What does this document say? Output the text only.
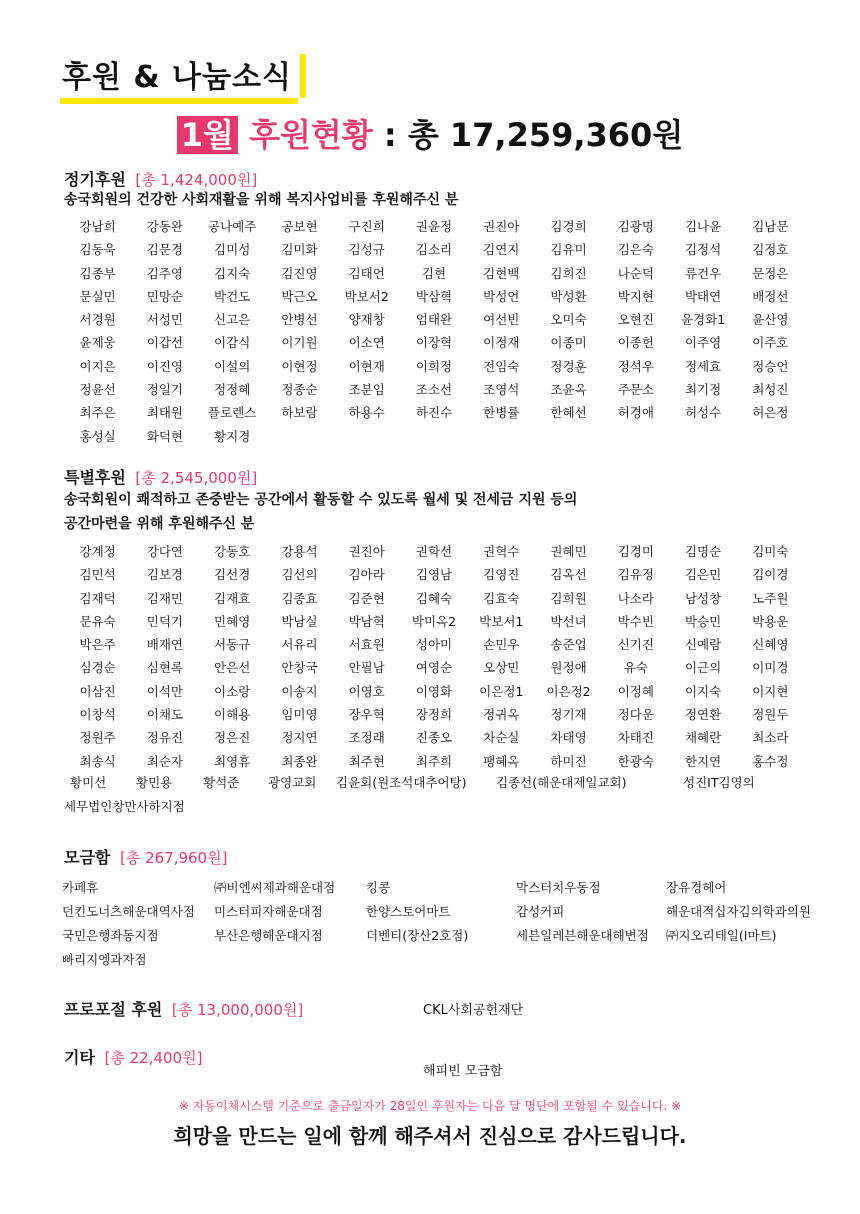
후원 & 나눔소식
1월 후원현황 : 총 17,259,360원
정기후원 [총 1,424,000원]
송국회원의 건강한 사회재활을 위해 복지사업비를 후원해주신 분
강남희	강동완	공나예주	공보현	구진희	권윤정	권진아	김경희	김광명	김나윤	김남문
김동욱	김문경	김미성	김미화	김성규	김소리	김연지	김유미	김은숙	김정석	김정호
김종부	김주영	김지숙	김진영	김태언	김현	김현백	김희진	나순덕	류건우	문정은
문실민	민망순	박건도	박근오	박보서2	박삼혁	박성언	박성환	박지현	박태연	배정선
서경원	서성민	신고은	안병선	양재창	엄태완	여선빈	오미숙	오현진	윤경화1	윤산영
윤제웅	이갑선	이감식	이기원	이소연	이장혁	이정재	이종미	이종헌	이주영	이주호
이지은	이진영	이설의	이현정	이현재	이희정	전임숙	정경훈	정석우	정세효	정승언
정윤선	정일기	정정혜	정종순	조분임	조소선	조영석	조윤옥	주문소	최기정	최성진
최주은	최태원	플로렌스	하보람	하용수	하진수	한병률	한혜선	허경애	허성수	허은정
홍성실	화덕현	황지경
특별후원 [총 2,545,000원]
송국회원이 쾌적하고 존중받는 공간에서 활동할 수 있도록 월세 및 전세금 지원 등의
공간마련을 위해 후원해주신 분
강계정	강다연	강동호	강용석	권진아	권학선	권혁수	권혜민	김경미	김명순	김미숙
김민석	김보경	김선경	김선의	김아라	김영남	김영진	김옥선	김유정	김은민	김이경
김재덕	김재민	김재효	김종효	김준현	김혜숙	김효숙	김희원	나소라	남성창	노주원
문유숙	민덕기	민혜영	박남실	박남혁	박미옥2	박보서1	박선녀	박수빈	박승민	박용운
박은주	배재연	서동규	서유리	서효원	성아미	손민우	송준업	신기진	신예람	신혜영
심경순	심현록	안은선	안창국	안필남	여영순	오상민	원정애	유숙	이근의	이미경
이삼진	이석만	이소랑	이송지	이영호	이영화	이은정1	이은정2	이정혜	이지숙	이지현
이창석	이채도	이해용	임미영	장우혁	장정희	정귀옥	정기재	정다운	정연환	정원두
정원주	정유진	정은진	정지연	조정래	진종오	차순실	차태영	차태진	채혜란	최소라
최송식	최순자	최영휴	최종완	최주현	최주희	팽혜옥	하미진	한광숙	한지연	홍수정
황미선 황민용 황석준 광영교회 김윤회(원조석대추어탕) 김종선(해운대제일교회)	성진IT김영의
세무법인창만사하지점
모금함 [총 267,960원]
카페휴	㈜비엔씨제과해운대점	킹콩	막스터치우동점	장유경헤어
던킨도너츠해운대역사점	미스터피자해운대점	한양스토어마트	감성커피	해운대적십자김의학과의원
국민은행좌동지점	부산은행해운대지점	더벤티(장산2호점)	세븐일레븐해운대해변점	㈜지오리테일(I마트)
빠리지엥과자점
프로포절 후원 [총 13,000,000원]	CKL사회공헌재단
기타 [총 22,400원]
해피빈 모금함
※ 자동이체시스템 기준으로 출금일자가 28일인 후원자는 다음 달 명단에 포함될 수 있습니다. ※
희망을 만드는 일에 함께 해주셔서 진심으로 감사드립니다.
